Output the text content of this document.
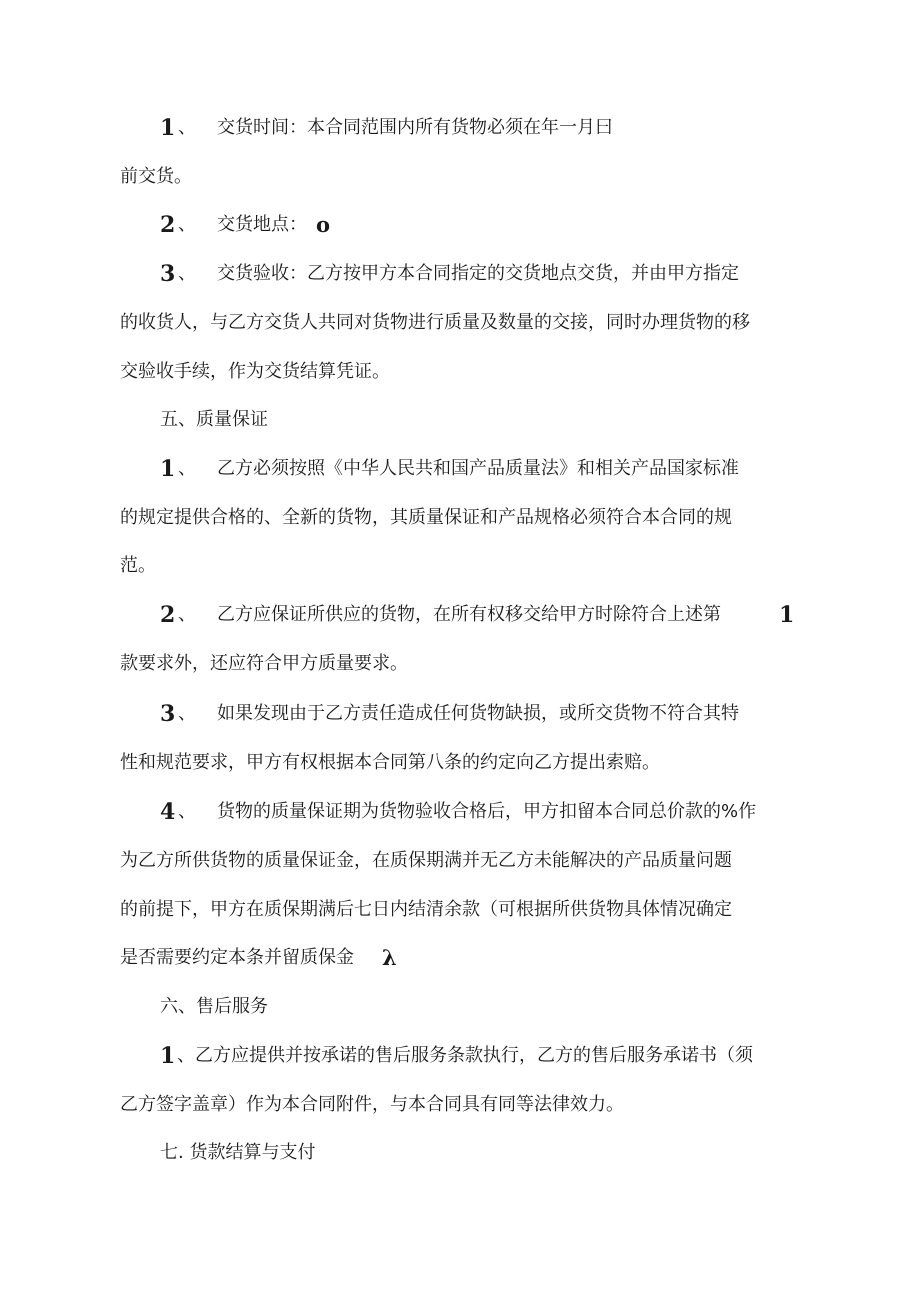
1 、 交货时间：本合同范围内所有货物必须在年一月曰
前交货。
2 、 交货地点： o
3 、 交货验收：乙方按甲方本合同指定的交货地点交货，并由甲方指定
的收货人，与乙方交货人共同对货物进行质量及数量的交接，同时办理货物的移
交验收手续，作为交货结算凭证。
五、质量保证
1 、 乙方必须按照《中华人民共和国产品质量法》和相关产品国家标准
的规定提供合格的、全新的货物，其质量保证和产品规格必须符合本合同的规
范。
2 、 乙方应保证所供应的货物，在所有权移交给甲方时除符合上述第	1
款要求外，还应符合甲方质量要求。
3 、 如果发现由于乙方责任造成任何货物缺损，或所交货物不符合其特
性和规范要求，甲方有权根据本合同第八条的约定向乙方提出索赔。
4 、 货物的质量保证期为货物验收合格后，甲方扣留本合同总价款的%作
为乙方所供货物的质量保证金，在质保期满并无乙方未能解决的产品质量问题
的前提下，甲方在质保期满后七日内结清余款（可根据所供货物具体情况确定
是否需要约定本条并留质保金 λ
六、售后服务
1 、乙方应提供并按承诺的售后服务条款执行，乙方的售后服务承诺书（须
乙方签字盖章）作为本合同附件，与本合同具有同等法律效力。
七. 货款结算与支付
